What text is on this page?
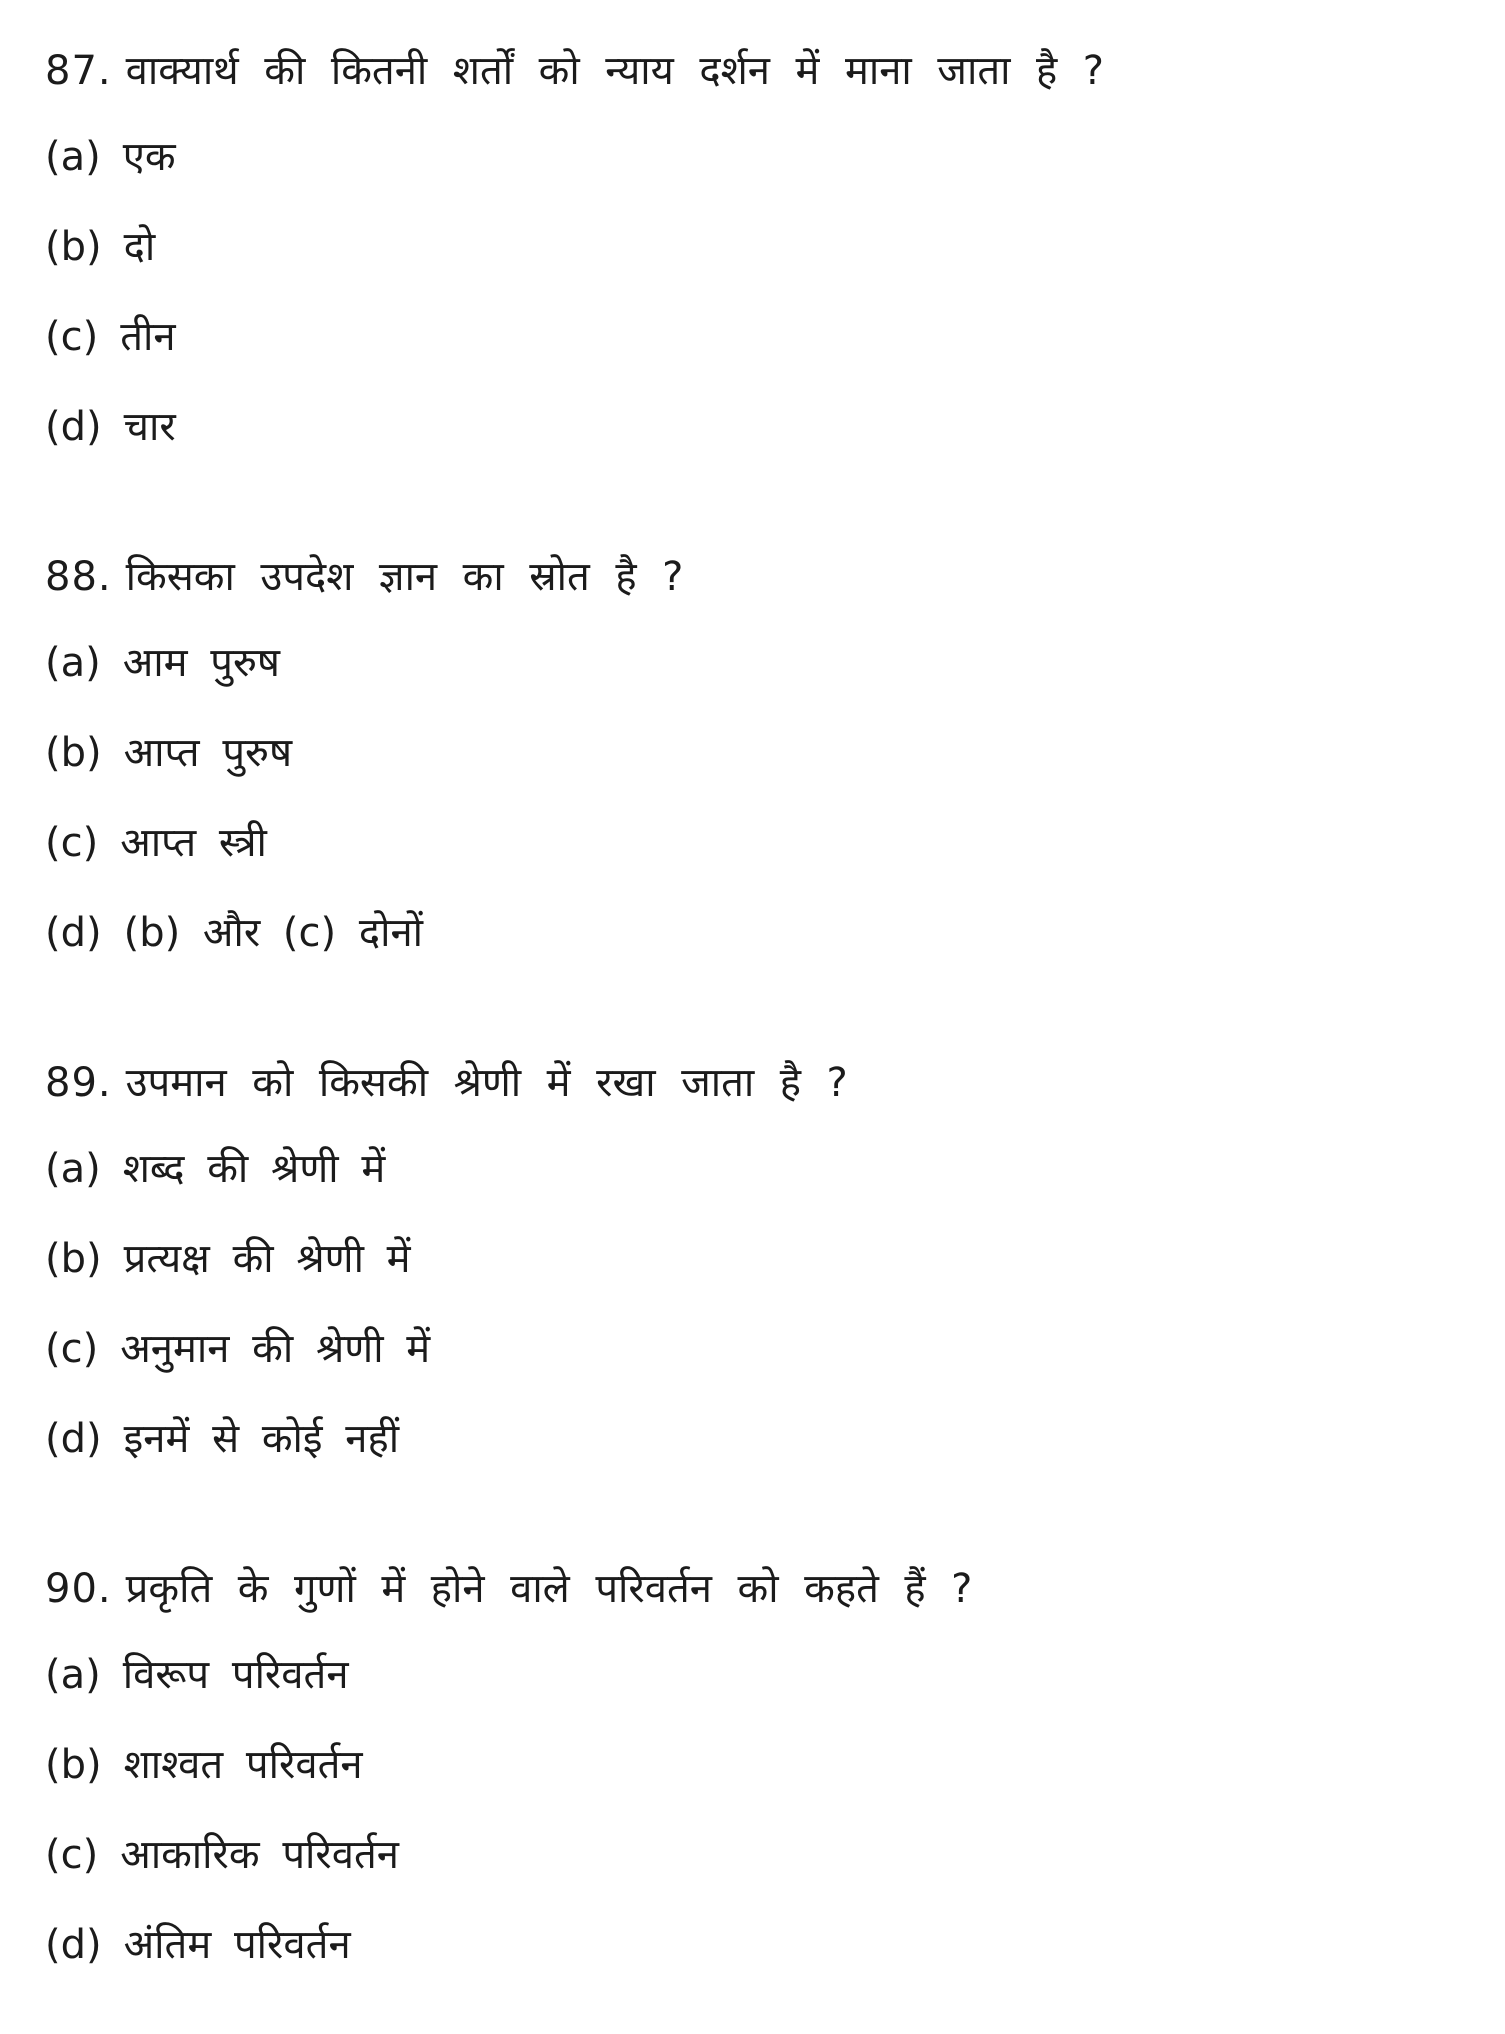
87. वाक्यार्थ की कितनी शर्तों को न्याय दर्शन में माना जाता है ?
(a) एक
(b) दो
(c) तीन
(d) चार
88. किसका उपदेश ज्ञान का स्रोत है ?
(a) आम पुरुष
(b) आप्त पुरुष
(c) आप्त स्त्री
(d) (b) और (c) दोनों
89. उपमान को किसकी श्रेणी में रखा जाता है ?
(a) शब्द की श्रेणी में
(b) प्रत्यक्ष की श्रेणी में
(c) अनुमान की श्रेणी में
(d) इनमें से कोई नहीं
90. प्रकृति के गुणों में होने वाले परिवर्तन को कहते हैं ?
(a) विरूप परिवर्तन
(b) शाश्वत परिवर्तन
(c) आकारिक परिवर्तन
(d) अंतिम परिवर्तन
